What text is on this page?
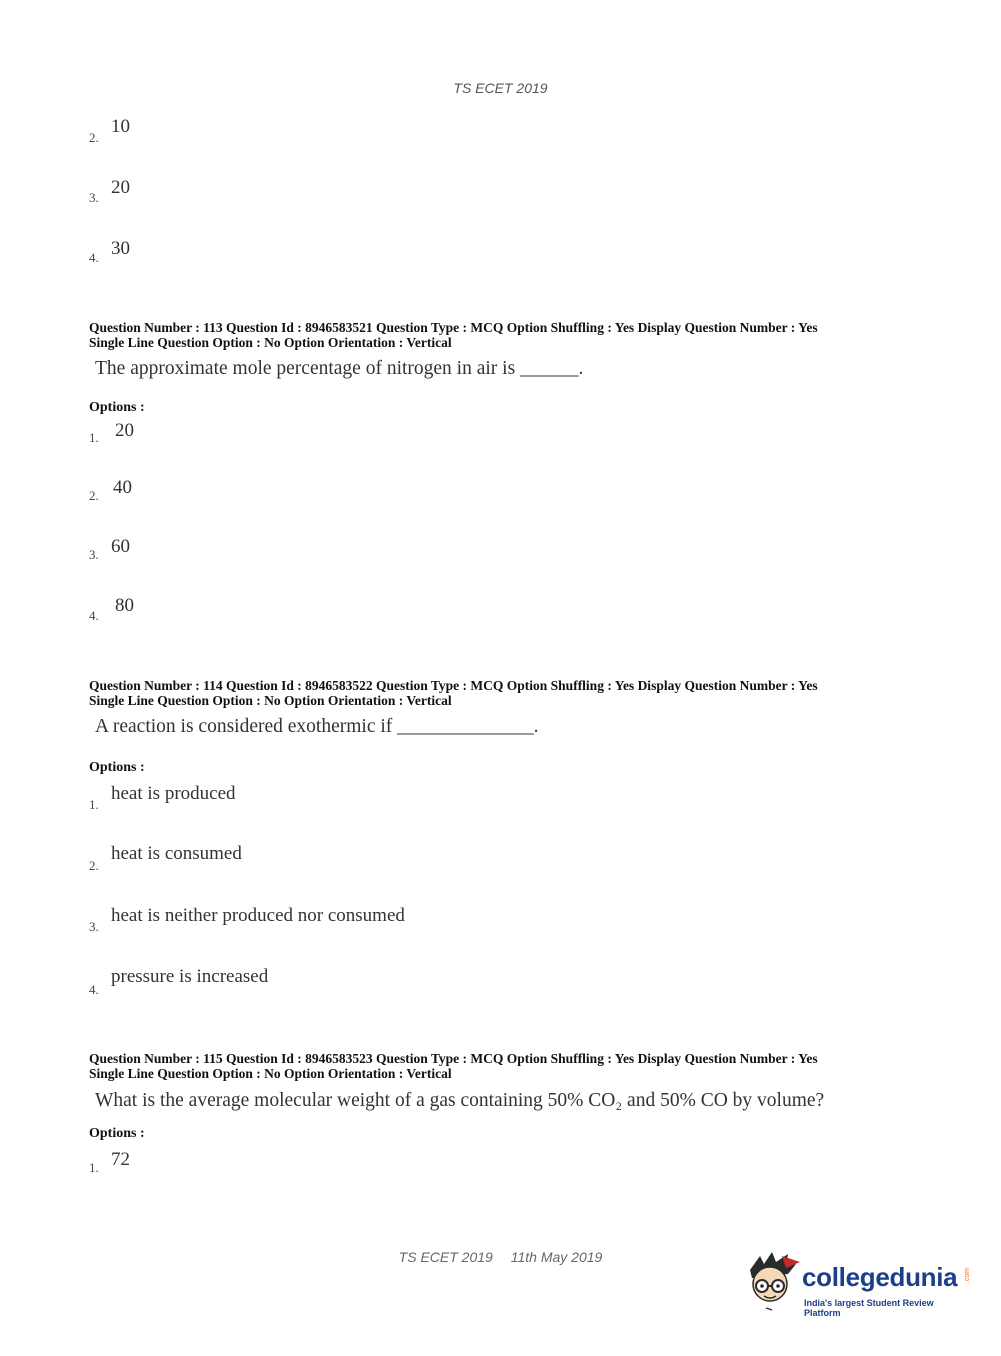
TS ECET 2019
2.
10
3. 20
4. 30
Question Number : 113 Question Id : 8946583521 Question Type : MCQ Option Shuffling : Yes Display Question Number : Yes
Single Line Question Option : No Option Orientation : Vertical
The approximate mole percentage of nitrogen in air is ______.
Options :
1. 20
2. 40
3. 60
4. 80
Question Number : 114 Question Id : 8946583522 Question Type : MCQ Option Shuffling : Yes Display Question Number : Yes
Single Line Question Option : No Option Orientation : Vertical
A reaction is considered exothermic if ______________.
Options :
1.
heat is produced
2.
heat is consumed
3.
heat is neither produced nor consumed
4.
pressure is increased
Question Number : 115 Question Id : 8946583523 Question Type : MCQ Option Shuffling : Yes Display Question Number : Yes
Single Line Question Option : No Option Orientation : Vertical
What is the average molecular weight of a gas containing 50% CO₂ and 50% CO by volume?
Options :
1. 72
TS ECET 2019 11th May 2019
collegedunia .com
India's largest Student Review Platform
